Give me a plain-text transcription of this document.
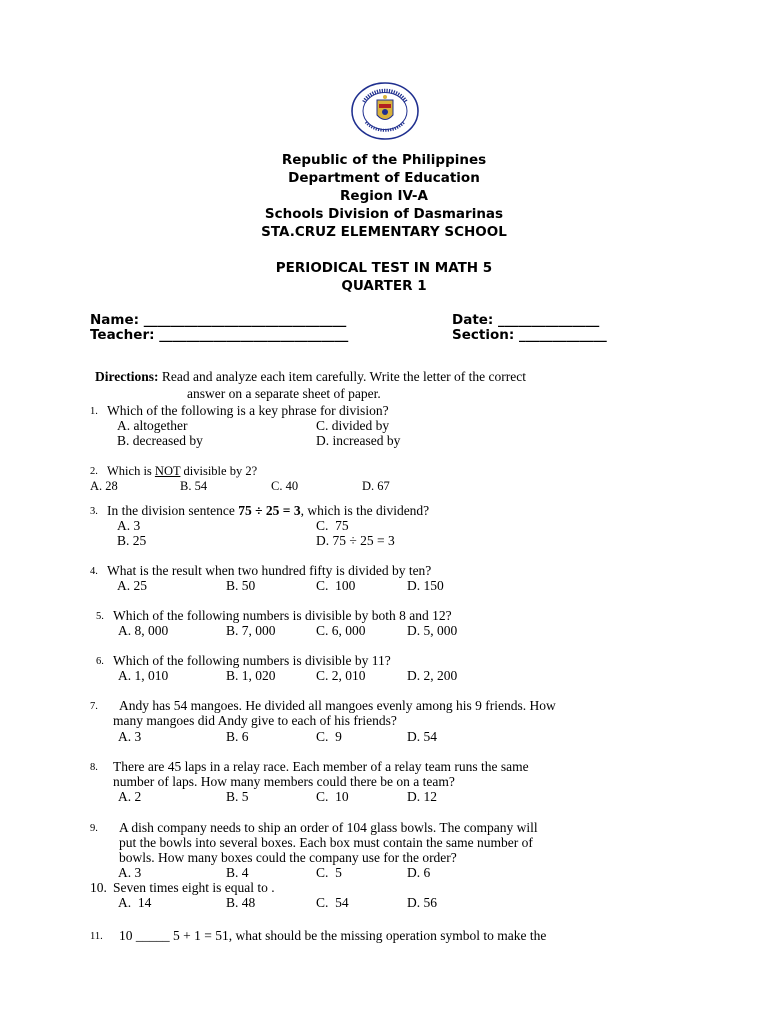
Republic of the Philippines
Department of Education
Region IV-A
Schools Division of Dasmarinas
STA.CRUZ ELEMENTARY SCHOOL
PERIODICAL TEST IN MATH 5
QUARTER 1
Name: ______________________________	Date: _______________
Teacher: ____________________________	Section: _____________
Directions: Read and analyze each item carefully. Write the letter of the correct
answer on a separate sheet of paper.
1. Which of the following is a key phrase for division?
A. altogether	C. divided by
B. decreased by	D. increased by
2. Which is NOT divisible by 2?
A. 28	B. 54	C. 40	D. 67
3. In the division sentence 75 ÷ 25 = 3, which is the dividend?
A. 3	C.  75
B. 25	D. 75 ÷ 25 = 3
4. What is the result when two hundred fifty is divided by ten?
A. 25	B. 50	C.  100	D. 150
5. Which of the following numbers is divisible by both 8 and 12?
A. 8, 000	B. 7, 000	C. 6, 000	D. 5, 000
6. Which of the following numbers is divisible by 11?
A. 1, 010	B. 1, 020	C. 2, 010	D. 2, 200
7. Andy has 54 mangoes. He divided all mangoes evenly among his 9 friends. How
many mangoes did Andy give to each of his friends?
A. 3	B. 6	C.  9	D. 54
8. There are 45 laps in a relay race. Each member of a relay team runs the same
number of laps. How many members could there be on a team?
A. 2	B. 5	C.  10	D. 12
9. A dish company needs to ship an order of 104 glass bowls. The company will
put the bowls into several boxes. Each box must contain the same number of
bowls. How many boxes could the company use for the order?
A. 3	B. 4	C.  5	D. 6
10. Seven times eight is equal to .
A.  14	B. 48	C.  54	D. 56
11. 10 _____ 5 + 1 = 51, what should be the missing operation symbol to make the
